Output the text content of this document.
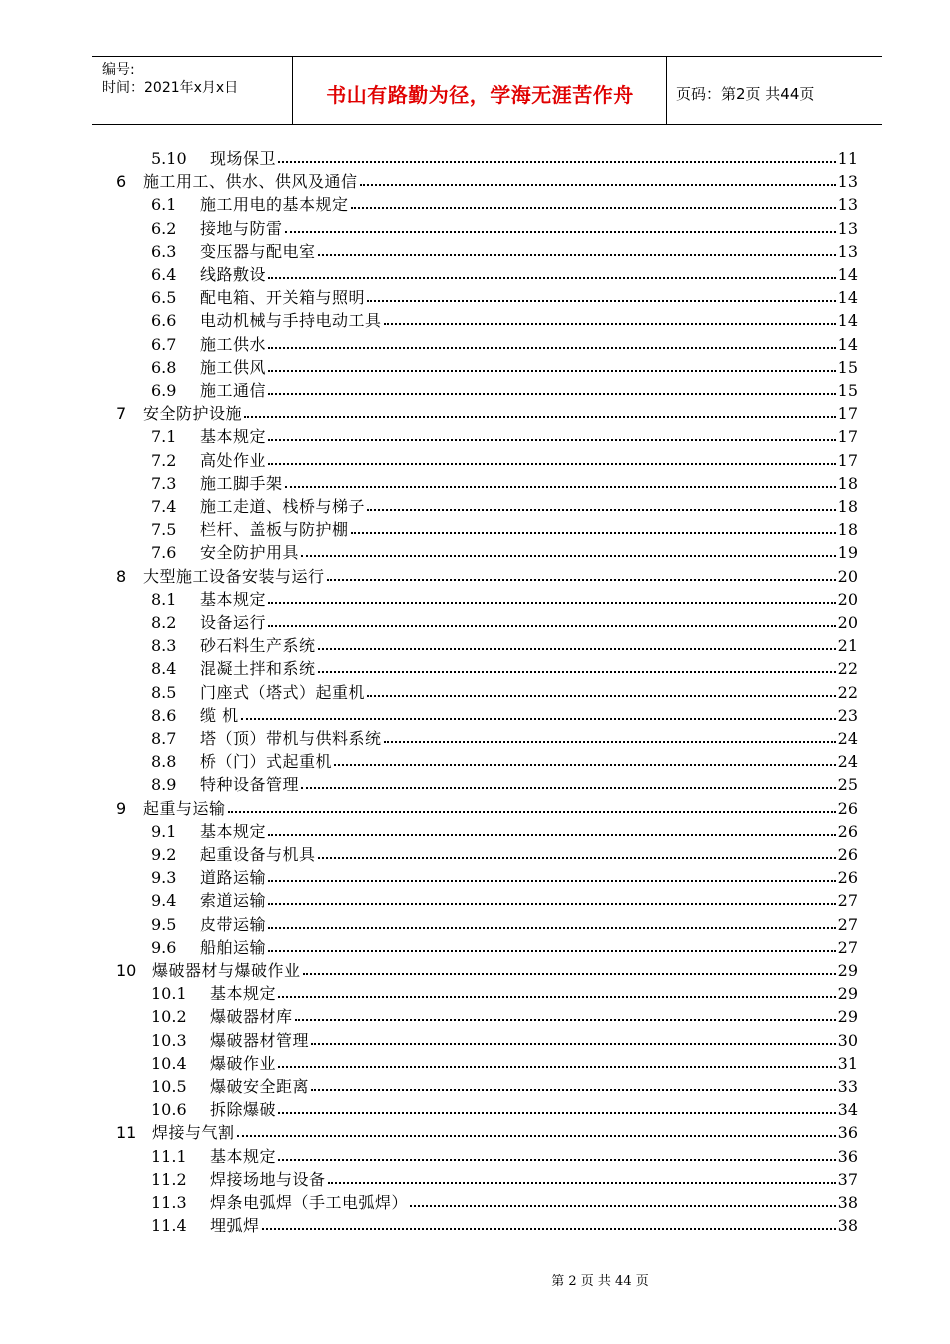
编号:
时间：2021年x月x日	书山有路勤为径，学海无涯苦作舟	页码：第2页 共44页
5.10 现场保卫	11
6 施工用工、供水、供风及通信	13
6.1 施工用电的基本规定	13
6.2 接地与防雷	13
6.3 变压器与配电室	13
6.4 线路敷设	14
6.5 配电箱、开关箱与照明	14
6.6 电动机械与手持电动工具	14
6.7 施工供水	14
6.8 施工供风	15
6.9 施工通信	15
7 安全防护设施	17
7.1 基本规定	17
7.2 高处作业	17
7.3 施工脚手架	18
7.4 施工走道、栈桥与梯子	18
7.5 栏杆、盖板与防护棚	18
7.6 安全防护用具	19
8 大型施工设备安装与运行	20
8.1 基本规定	20
8.2 设备运行	20
8.3 砂石料生产系统	21
8.4 混凝土拌和系统	22
8.5 门座式（塔式）起重机	22
8.6 缆 机	23
8.7 塔（顶）带机与供料系统	24
8.8 桥（门）式起重机	24
8.9 特种设备管理	25
9 起重与运输	26
9.1 基本规定	26
9.2 起重设备与机具	26
9.3 道路运输	26
9.4 索道运输	27
9.5 皮带运输	27
9.6 船舶运输	27
10 爆破器材与爆破作业	29
10.1 基本规定	29
10.2 爆破器材库	29
10.3 爆破器材管理	30
10.4 爆破作业	31
10.5 爆破安全距离	33
10.6 拆除爆破	34
11 焊接与气割	36
11.1 基本规定	36
11.2 焊接场地与设备	37
11.3 焊条电弧焊（手工电弧焊）	38
11.4 埋弧焊	38
第 2 页 共 44 页
